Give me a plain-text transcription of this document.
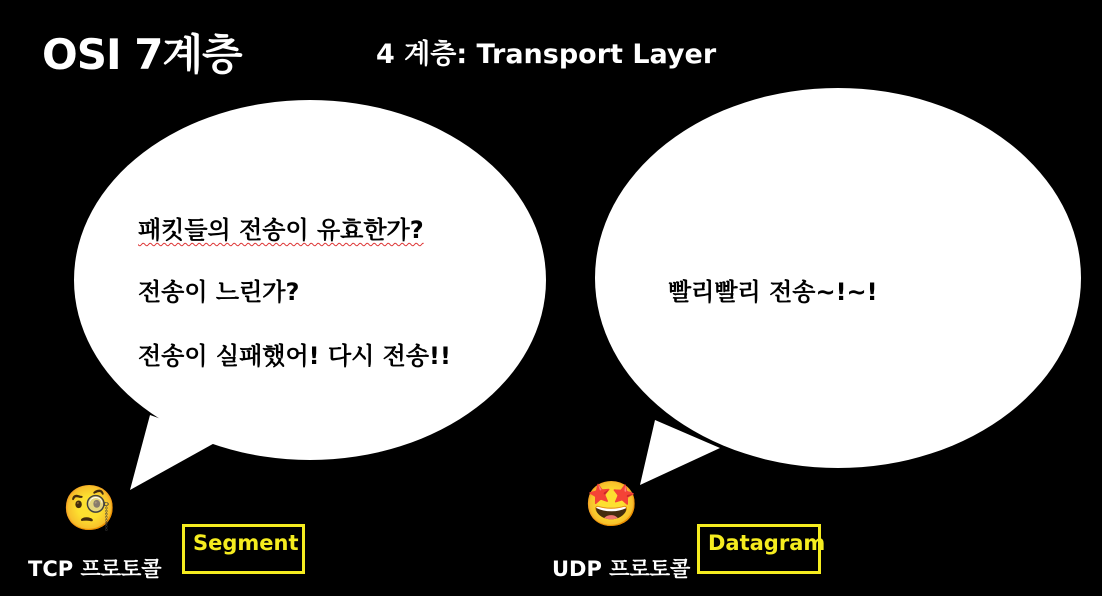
OSI 7계층	4 계층: Transport Layer
패킷들의 전송이 유효한가?
전송이 느린가?
전송이 실패했어! 다시 전송!!
빨리빨리 전송~!~!
🧐
TCP 프로토콜
Segment
🤩
UDP 프로토콜
Datagram
